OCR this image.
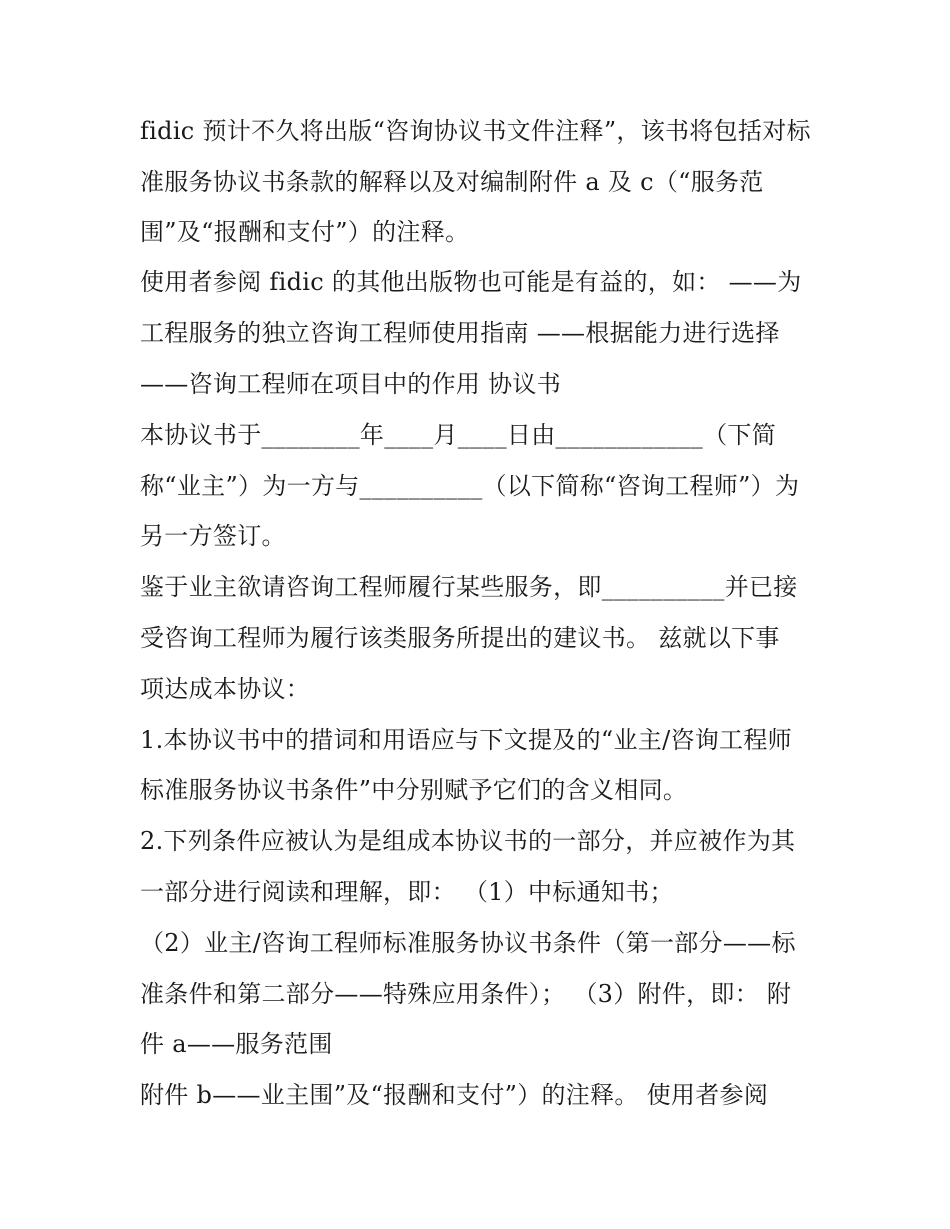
fidic 预计不久将出版“咨询协议书文件注释”，该书将包括对标
准服务协议书条款的解释以及对编制附件 a 及 c（“服务范
围”及“报酬和支付”）的注释。
使用者参阅 fidic 的其他出版物也可能是有益的，如： ——为
工程服务的独立咨询工程师使用指南 ——根据能力进行选择
——咨询工程师在项目中的作用 协议书
本协议书于________年____月____日由____________（下简
称“业主”）为一方与__________（以下简称“咨询工程师”）为
另一方签订。
鉴于业主欲请咨询工程师履行某些服务，即__________并已接
受咨询工程师为履行该类服务所提出的建议书。 兹就以下事
项达成本协议：
1.本协议书中的措词和用语应与下文提及的“业主/咨询工程师
标准服务协议书条件”中分别赋予它们的含义相同。
2.下列条件应被认为是组成本协议书的一部分，并应被作为其
一部分进行阅读和理解，即： （1）中标通知书；
（2）业主/咨询工程师标准服务协议书条件（第一部分——标
准条件和第二部分——特殊应用条件）； （3）附件，即： 附
件 a——服务范围
附件 b——业主围”及“报酬和支付”）的注释。 使用者参阅
